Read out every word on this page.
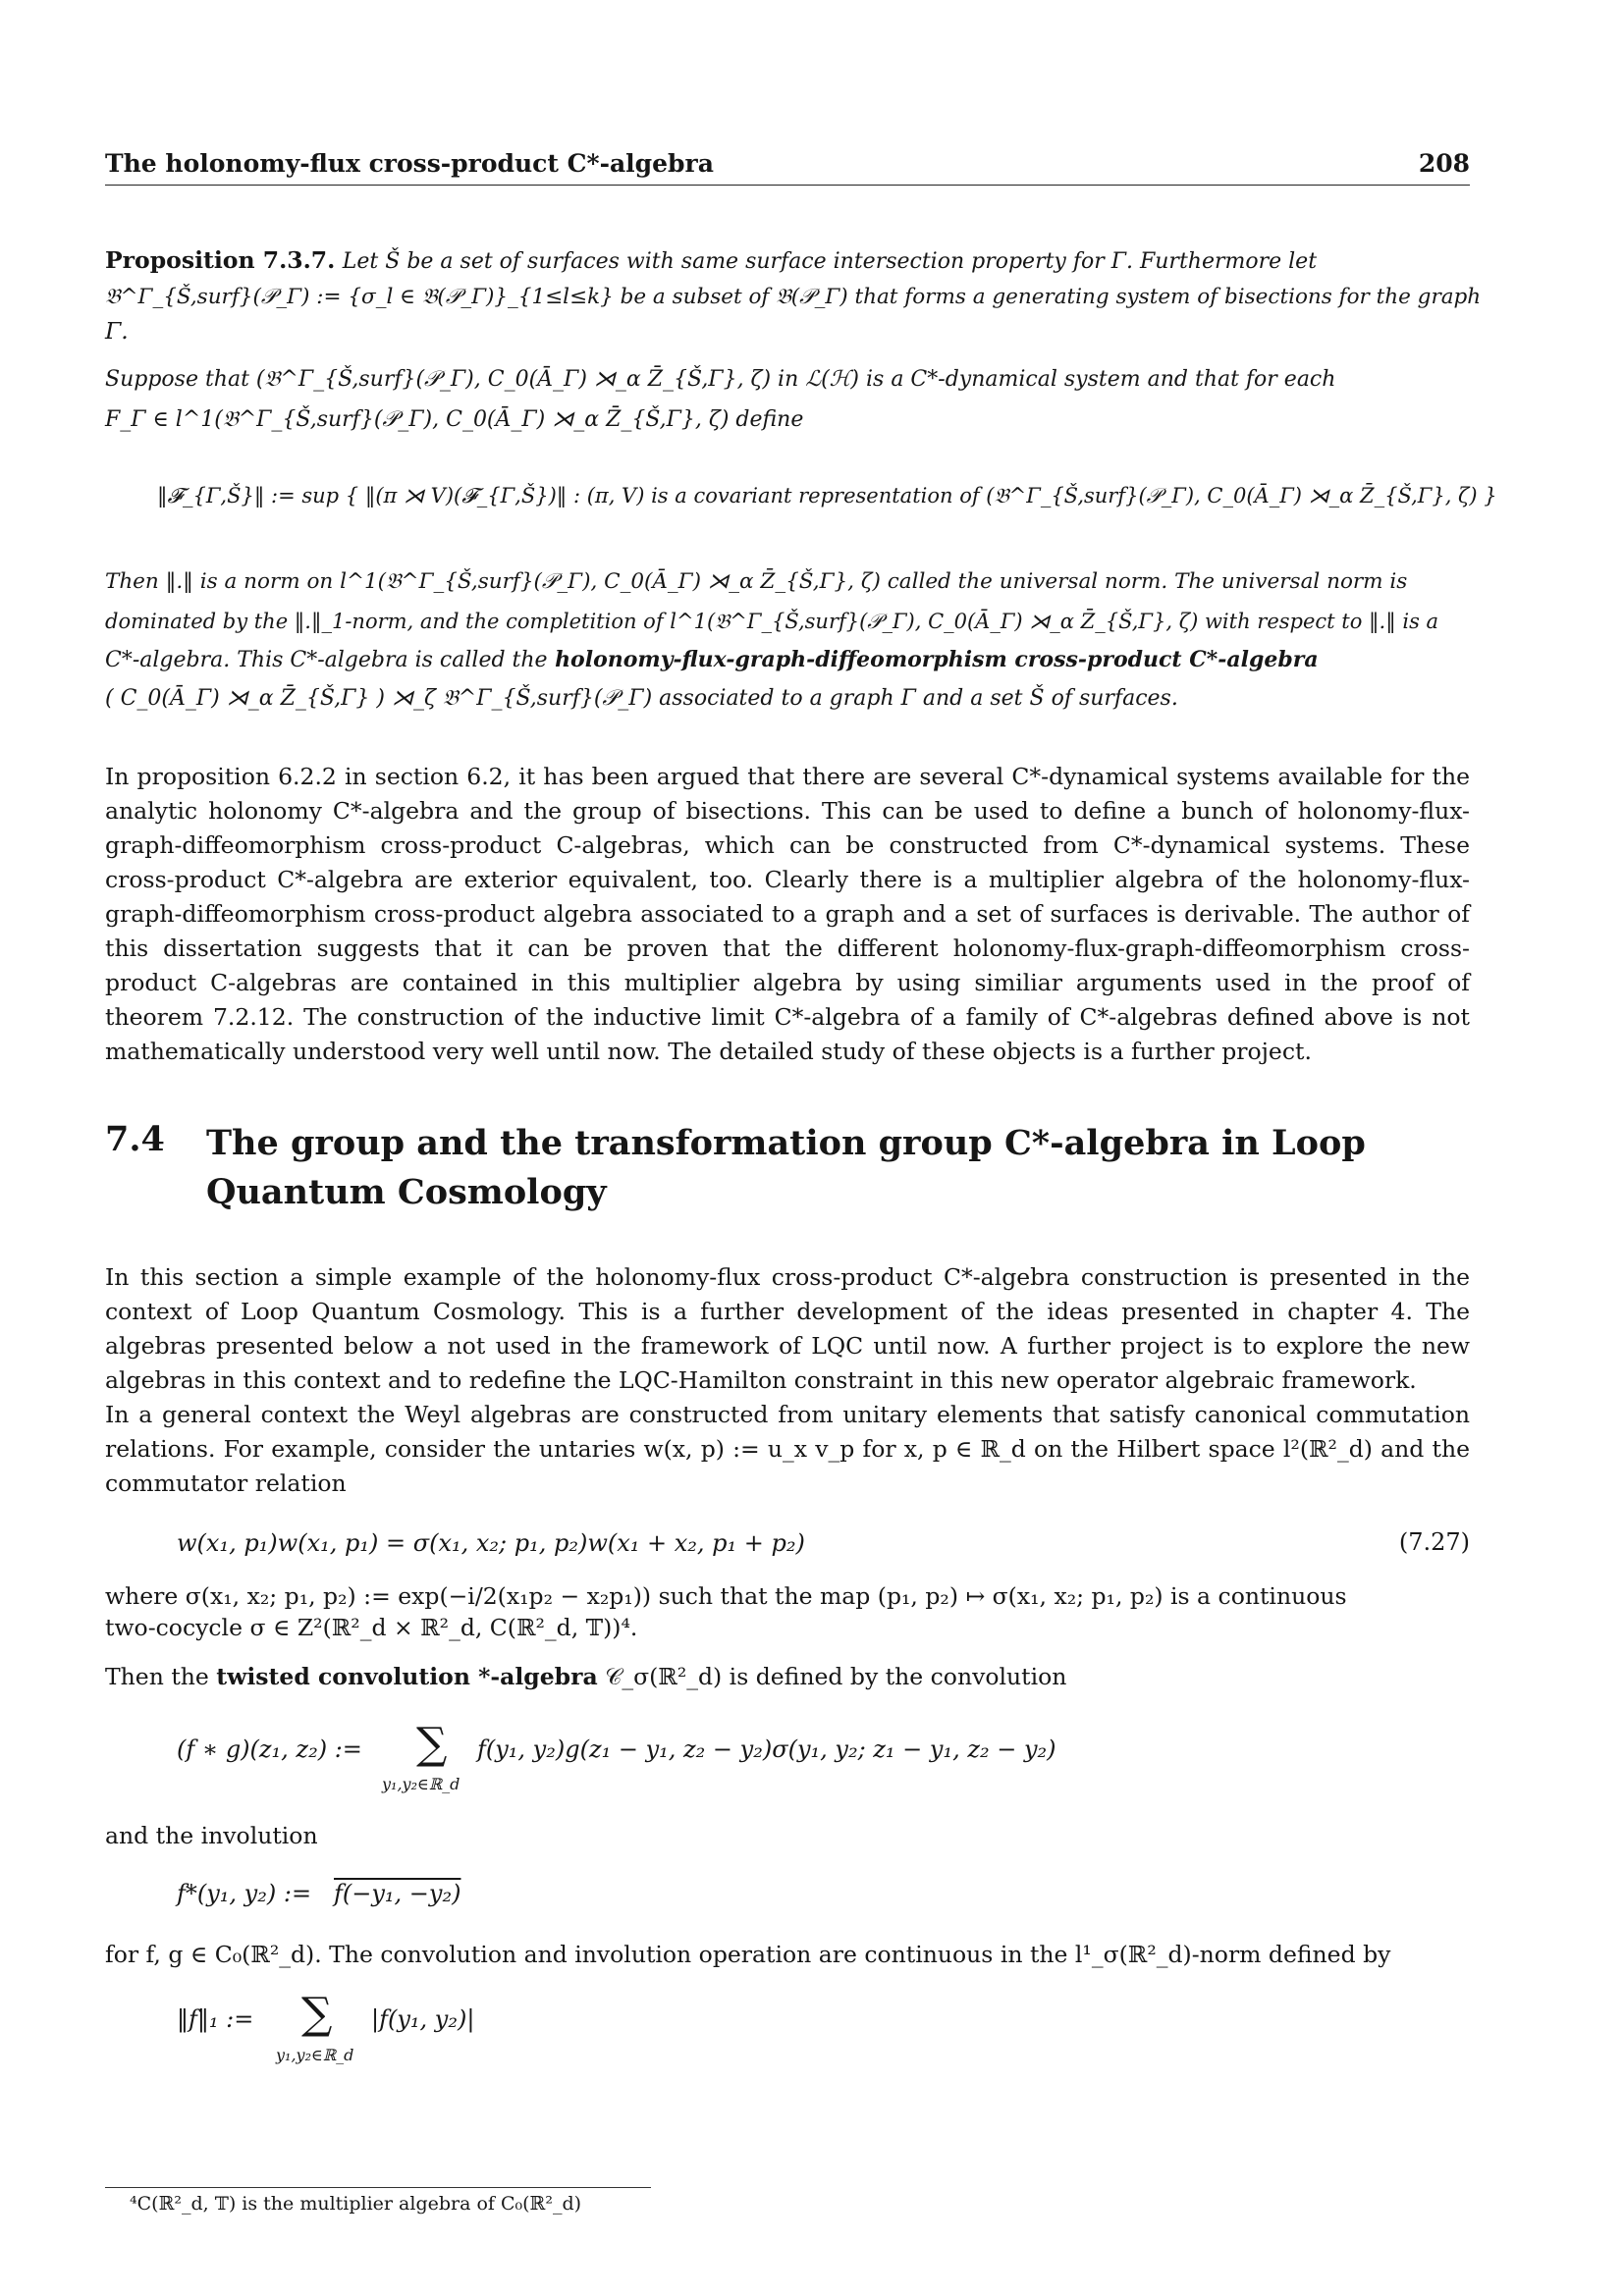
The holonomy-flux cross-product C*-algebra	208
Proposition 7.3.7. Let Š be a set of surfaces with same surface intersection property for Γ. Furthermore let
𝔅^Γ_{Š,surf}(𝒫_Γ) := {σ_l ∈ 𝔅(𝒫_Γ)}_{1≤l≤k} be a subset of 𝔅(𝒫_Γ) that forms a generating system of bisections for the graph
Γ.
Suppose that (𝔅^Γ_{Š,surf}(𝒫_Γ), C_0(Ā_Γ) ⋊_α Z̄_{Š,Γ}, ζ) in ℒ(ℋ) is a C*-dynamical system and that for each
F_Γ ∈ l^1(𝔅^Γ_{Š,surf}(𝒫_Γ), C_0(Ā_Γ) ⋊_α Z̄_{Š,Γ}, ζ) define
‖𝓕_{Γ,Š}‖ := sup { ‖(π ⋊ V)(𝓕_{Γ,Š})‖ : (π, V) is a covariant representation of (𝔅^Γ_{Š,surf}(𝒫_Γ), C_0(Ā_Γ) ⋊_α Z̄_{Š,Γ}, ζ) }
Then ‖.‖ is a norm on l^1(𝔅^Γ_{Š,surf}(𝒫_Γ), C_0(Ā_Γ) ⋊_α Z̄_{Š,Γ}, ζ) called the universal norm. The universal norm is
dominated by the ‖.‖_1-norm, and the completition of l^1(𝔅^Γ_{Š,surf}(𝒫_Γ), C_0(Ā_Γ) ⋊_α Z̄_{Š,Γ}, ζ) with respect to ‖.‖ is a
C*-algebra. This C*-algebra is called the holonomy-flux-graph-diffeomorphism cross-product C*-algebra
( C_0(Ā_Γ) ⋊_α Z̄_{Š,Γ} ) ⋊_ζ 𝔅^Γ_{Š,surf}(𝒫_Γ) associated to a graph Γ and a set Š of surfaces.
In proposition 6.2.2 in section 6.2, it has been argued that there are several C*-dynamical systems available for the analytic holonomy C*-algebra and the group of bisections. This can be used to define a bunch of holonomy-flux-graph-diffeomorphism cross-product C-algebras, which can be constructed from C*-dynamical systems. These cross-product C*-algebra are exterior equivalent, too. Clearly there is a multiplier algebra of the holonomy-flux-graph-diffeomorphism cross-product algebra associated to a graph and a set of surfaces is derivable. The author of this dissertation suggests that it can be proven that the different holonomy-flux-graph-diffeomorphism cross-product C-algebras are contained in this multiplier algebra by using similiar arguments used in the proof of theorem 7.2.12. The construction of the inductive limit C*-algebra of a family of C*-algebras defined above is not mathematically understood very well until now. The detailed study of these objects is a further project.
7.4 The group and the transformation group C*-algebra in Loop Quantum Cosmology
In this section a simple example of the holonomy-flux cross-product C*-algebra construction is presented in the context of Loop Quantum Cosmology. This is a further development of the ideas presented in chapter 4. The algebras presented below a not used in the framework of LQC until now. A further project is to explore the new algebras in this context and to redefine the LQC-Hamilton constraint in this new operator algebraic framework.
In a general context the Weyl algebras are constructed from unitary elements that satisfy canonical commutation relations. For example, consider the untaries w(x, p) := u_x v_p for x, p ∈ ℝ_d on the Hilbert space l²(ℝ²_d) and the commutator relation
w(x₁, p₁)w(x₁, p₁) = σ(x₁, x₂; p₁, p₂)w(x₁ + x₂, p₁ + p₂)	(7.27)
where σ(x₁, x₂; p₁, p₂) := exp(−i/2(x₁p₂ − x₂p₁)) such that the map (p₁, p₂) ↦ σ(x₁, x₂; p₁, p₂) is a continuous
two-cocycle σ ∈ Z²(ℝ²_d × ℝ²_d, C(ℝ²_d, 𝕋))⁴.
Then the twisted convolution *-algebra 𝒞_σ(ℝ²_d) is defined by the convolution
(f ∗ g)(z₁, z₂) := ∑
y₁,y₂∈ℝ_d
f(y₁, y₂)g(z₁ − y₁, z₂ − y₂)σ(y₁, y₂; z₁ − y₁, z₂ − y₂)
and the involution
f*(y₁, y₂) := f(−y₁, −y₂)
for f, g ∈ C₀(ℝ²_d). The convolution and involution operation are continuous in the l¹_σ(ℝ²_d)-norm defined by
‖f‖₁ := ∑
y₁,y₂∈ℝ_d
|f(y₁, y₂)|
⁴C(ℝ²_d, 𝕋) is the multiplier algebra of C₀(ℝ²_d)
